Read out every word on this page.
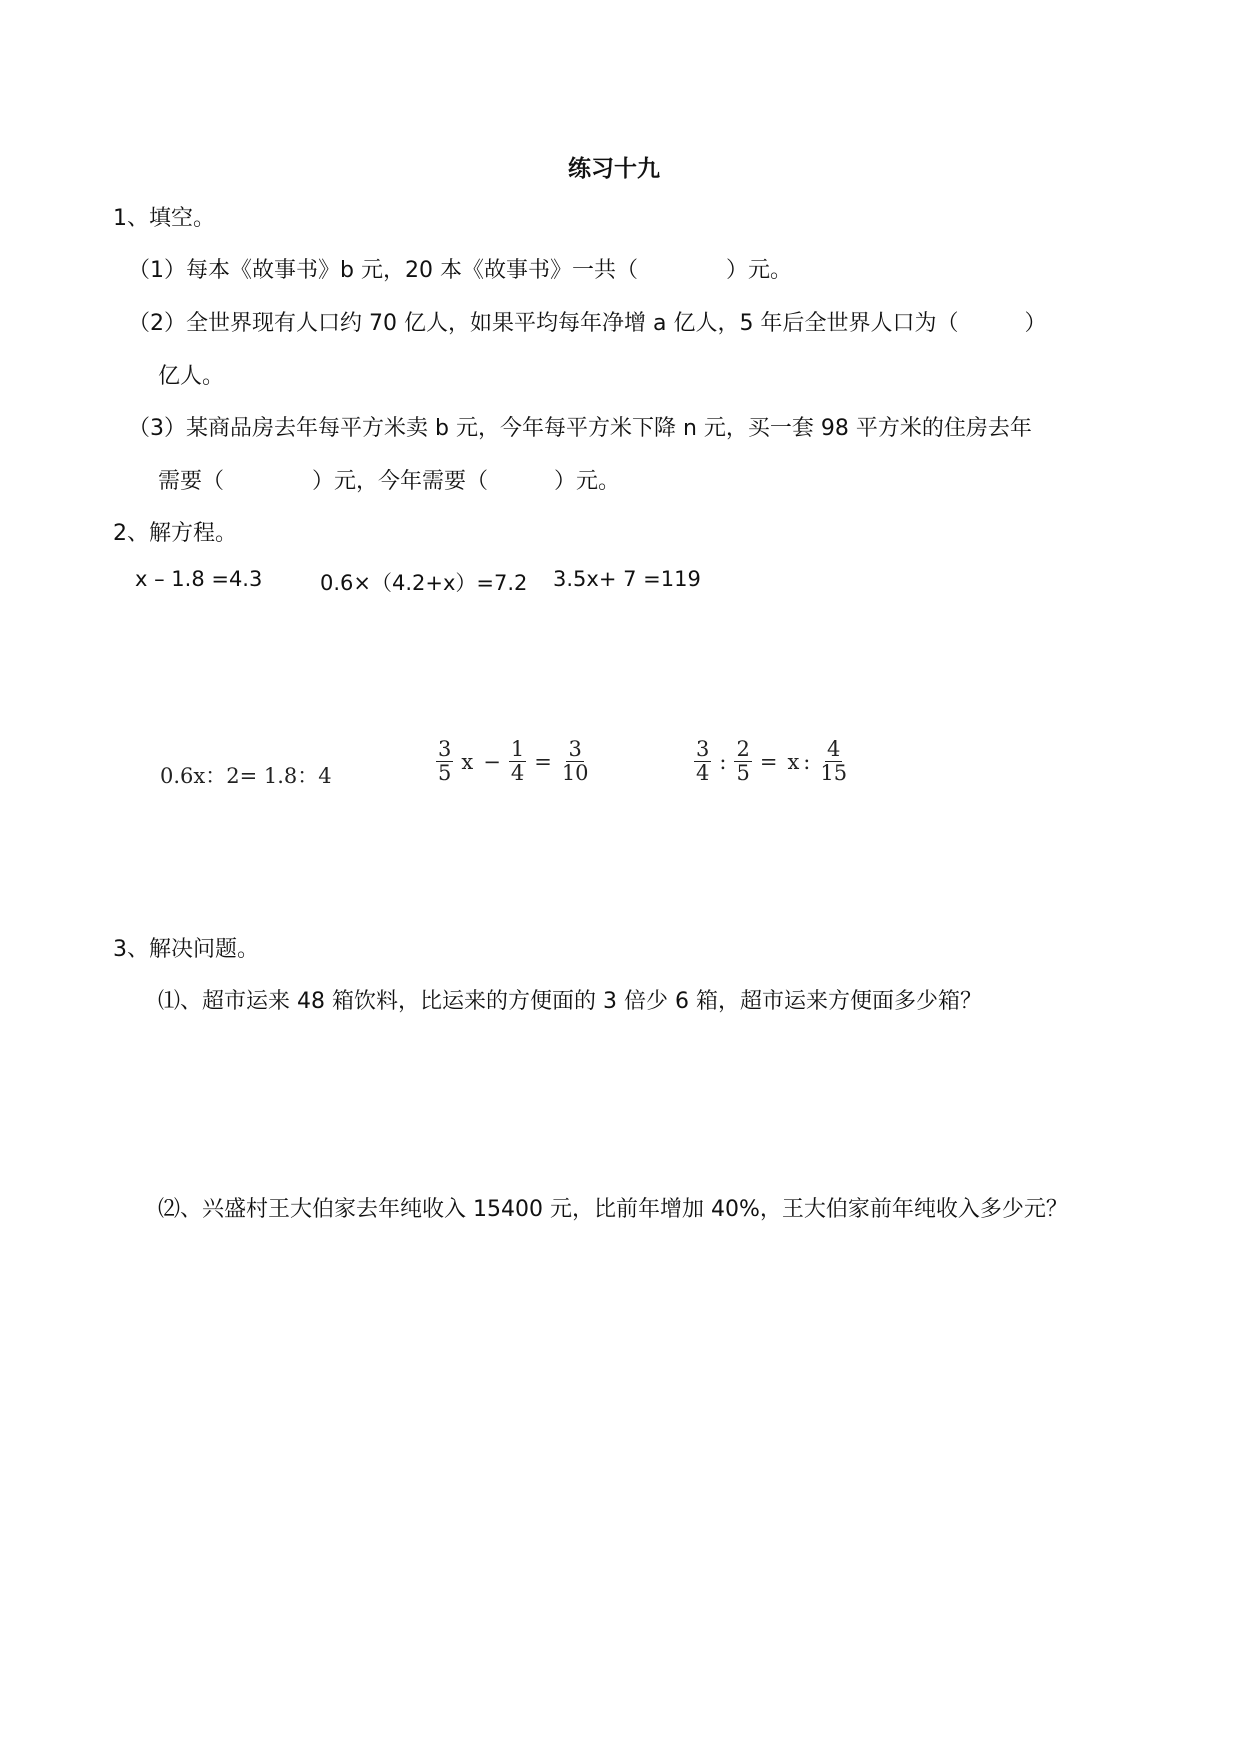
练习十九
1、填空。
（1）每本《故事书》b 元，20 本《故事书》一共（　　　　）元。
（2）全世界现有人口约 70 亿人，如果平均每年净增 a 亿人，5 年后全世界人口为（　　　）
亿人。
（3）某商品房去年每平方米卖 b 元，今年每平方米下降 n 元，买一套 98 平方米的住房去年
需要（　　　　）元，今年需要（　　　）元。
2、解方程。
x – 1.8 =4.3	0.6×（4.2+x）=7.2 3.5x+ 7 =119
0.6x：2= 1.8：4	$\frac{3}{5}$ $x - \frac{1}{4} = \frac{3}{10}$	$\frac{3}{4}$ : $\frac{2}{5} = x$ : $\frac{4}{15}$
3、解决问题。
⑴、超市运来 48 箱饮料，比运来的方便面的 3 倍少 6 箱，超市运来方便面多少箱？
⑵、兴盛村王大伯家去年纯收入 15400 元，比前年增加 40%，王大伯家前年纯收入多少元？
